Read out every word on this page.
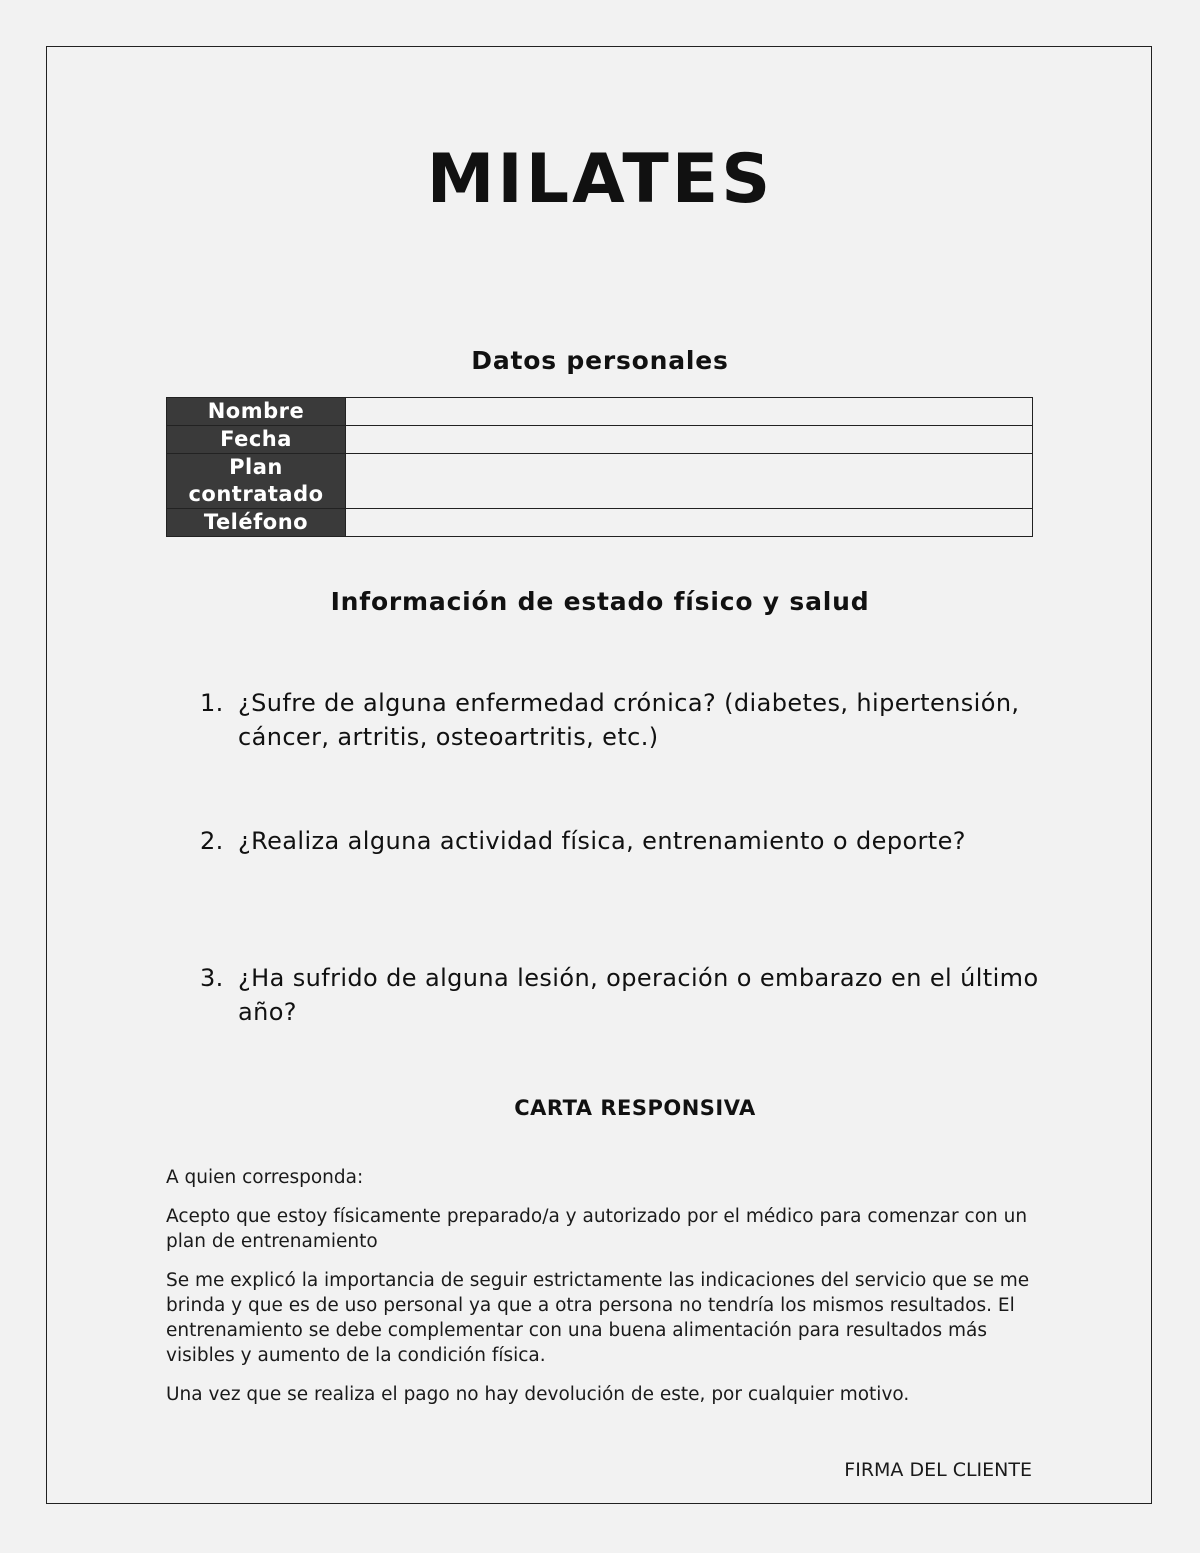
MILATES
Datos personales
Nombre	
Fecha	
Plan contratado	
Teléfono	
Información de estado físico y salud
1. ¿Sufre de alguna enfermedad crónica? (diabetes, hipertensión, cáncer, artritis, osteoartritis, etc.)
2. ¿Realiza alguna actividad física, entrenamiento o deporte?
3. ¿Ha sufrido de alguna lesión, operación o embarazo en el último año?
CARTA RESPONSIVA

A quien corresponda:

Acepto que estoy físicamente preparado/a y autorizado por el médico para comenzar con un plan de entrenamiento

Se me explicó la importancia de seguir estrictamente las indicaciones del servicio que se me brinda y que es de uso personal ya que a otra persona no tendría los mismos resultados. El entrenamiento se debe complementar con una buena alimentación para resultados más visibles y aumento de la condición física.

Una vez que se realiza el pago no hay devolución de este, por cualquier motivo.

FIRMA DEL CLIENTE
